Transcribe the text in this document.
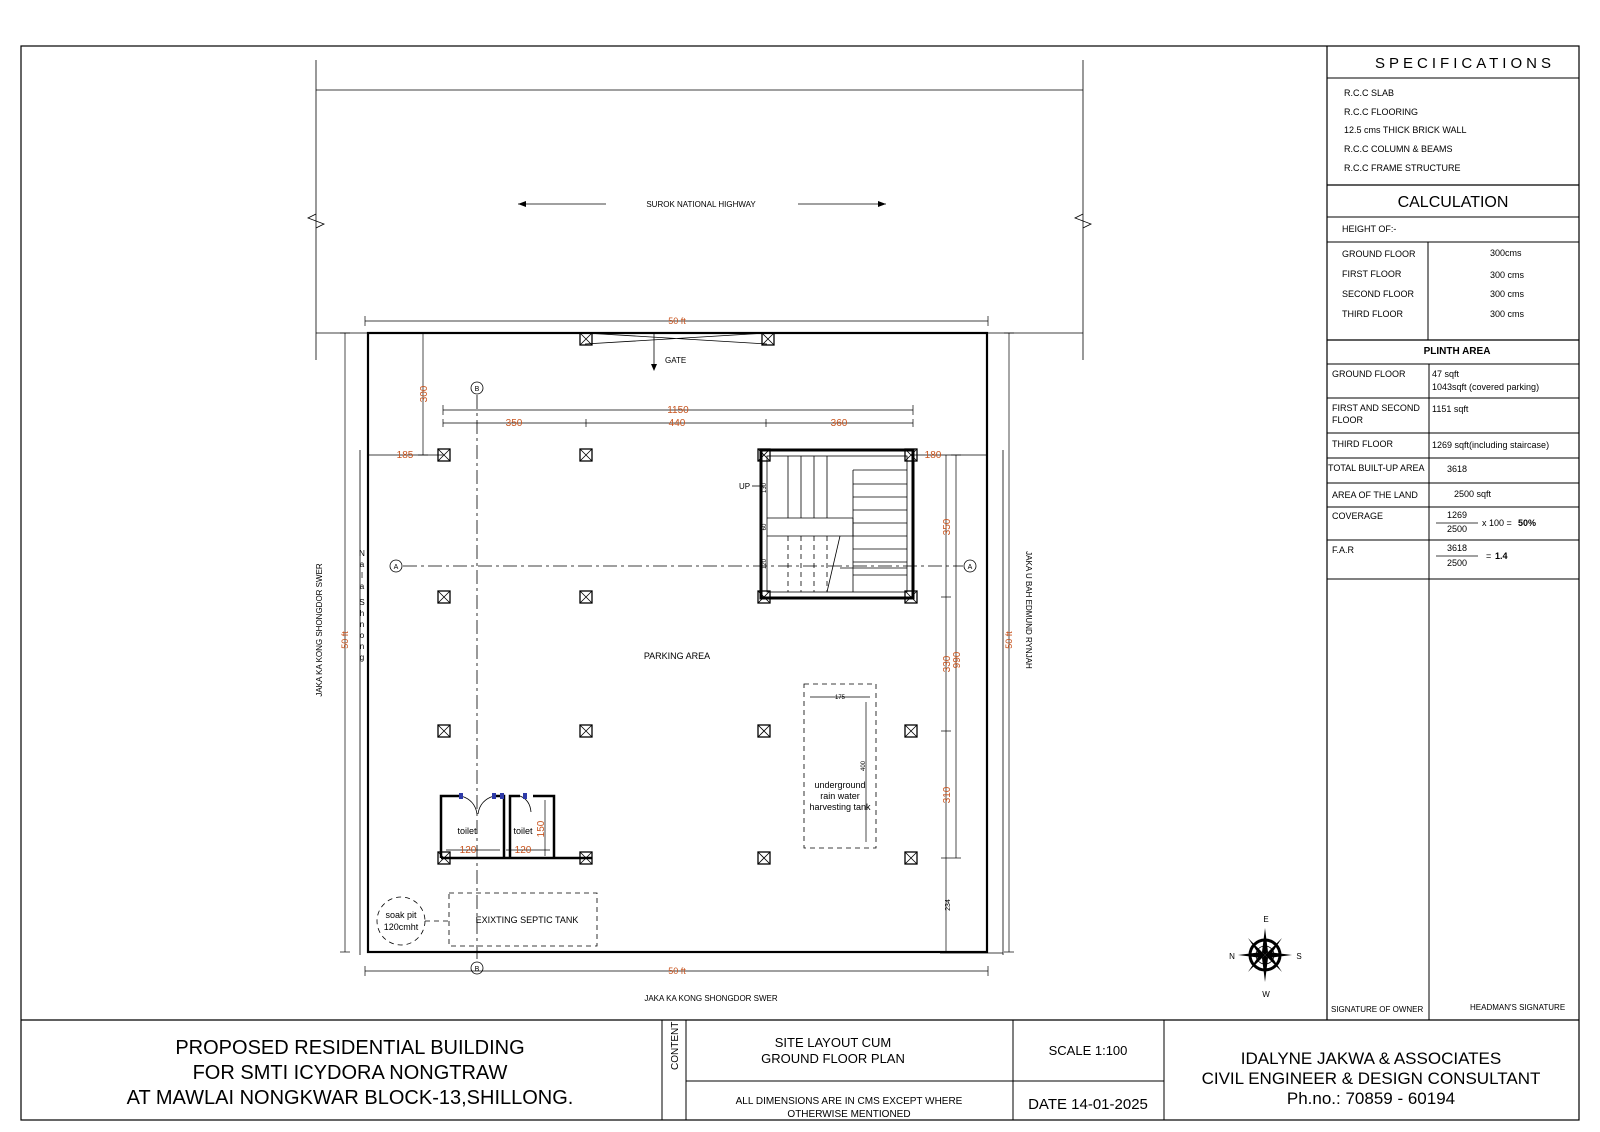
SPECIFICATIONS
R.C.C SLAB
R.C.C FLOORING
12.5 cms THICK BRICK WALL
R.C.C COLUMN & BEAMS
R.C.C FRAME STRUCTURE
CALCULATION
HEIGHT OF:-
GROUND FLOOR	300cms
FIRST FLOOR	300 cms
SECOND FLOOR	300 cms
THIRD FLOOR	300 cms
PLINTH AREA
GROUND FLOOR	47 sqft
1043sqft (covered parking)
FIRST AND SECOND
FLOOR
1151 sqft
THIRD FLOOR	1269 sqft(including staircase)
TOTAL BUILT-UP AREA 3618
AREA OF THE LAND	2500 sqft
COVERAGE	1269
2500
x 100 = 50%
F.A.R	3618
2500
= 1.4
SIGNATURE OF OWNER	HEADMAN'S SIGNATURE
PROPOSED RESIDENTIAL BUILDING
FOR SMTI ICYDORA NONGTRAW
AT MAWLAI NONGKWAR BLOCK-13,SHILLONG.
CONTENT	SITE LAYOUT CUM
GROUND FLOOR PLAN
ALL DIMENSIONS ARE IN CMS EXCEPT WHERE
OTHERWISE MENTIONED
SCALE 1:100
DATE 14-01-2025
IDALYNE JAKWA & ASSOCIATES
CIVIL ENGINEER & DESIGN CONSULTANT
Ph.no.: 70859 - 60194
SUROK NATIONAL HIGHWAY
GATE
50 ft
50 ft
50 ft	50 ft
JAKA KA KONG SHONGDOR SWER	JAKA U BAH EDMUND RYNJAH
JAKA KA KONG SHONGDOR SWER
N
a
l
a
S
h
n
o
n
g
A	A
B
B
1150
350	440	360
300
185	180
990
350
330
310
234
UP 130
60
120
PARKING AREA
175
400
underground
rain water
harvesting tank
toilet	toilet
120	120
150
soak pit
120cmht
EXIXTING SEPTIC TANK
N	S
E
W
